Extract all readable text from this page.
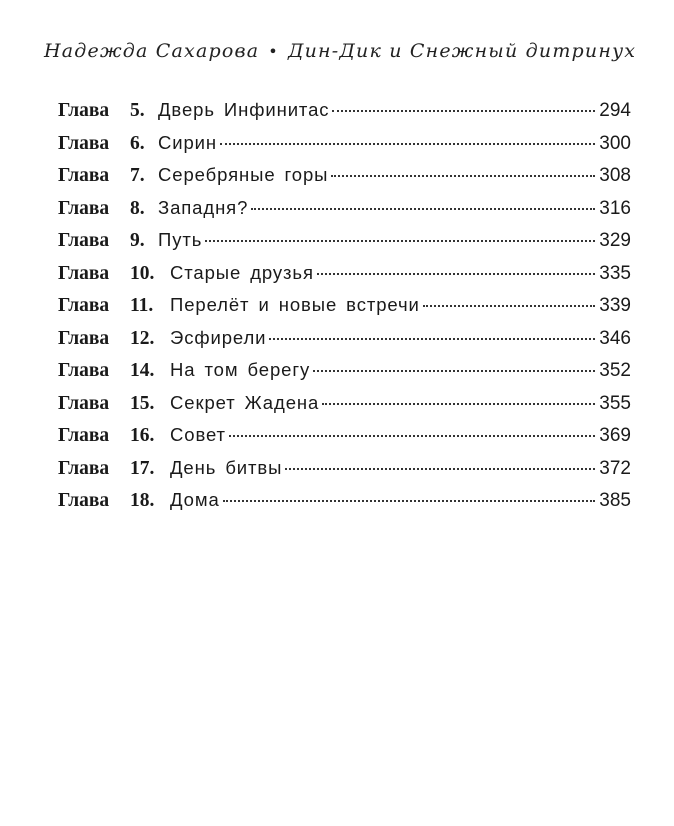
Надежда Сахарова • Дин-Дик и Снежный дитринух
Глава	5. Дверь Инфинитас	294
Глава	6. Сирин	300
Глава	7. Серебряные горы	308
Глава	8. Западня?	316
Глава	9. Путь	329
Глава	10. Старые друзья	335
Глава	11. Перелёт и новые встречи	339
Глава	12. Эсфирели	346
Глава	14. На том берегу	352
Глава	15. Секрет Жадена	355
Глава	16. Совет	369
Глава	17. День битвы	372
Глава	18. Дома	385
